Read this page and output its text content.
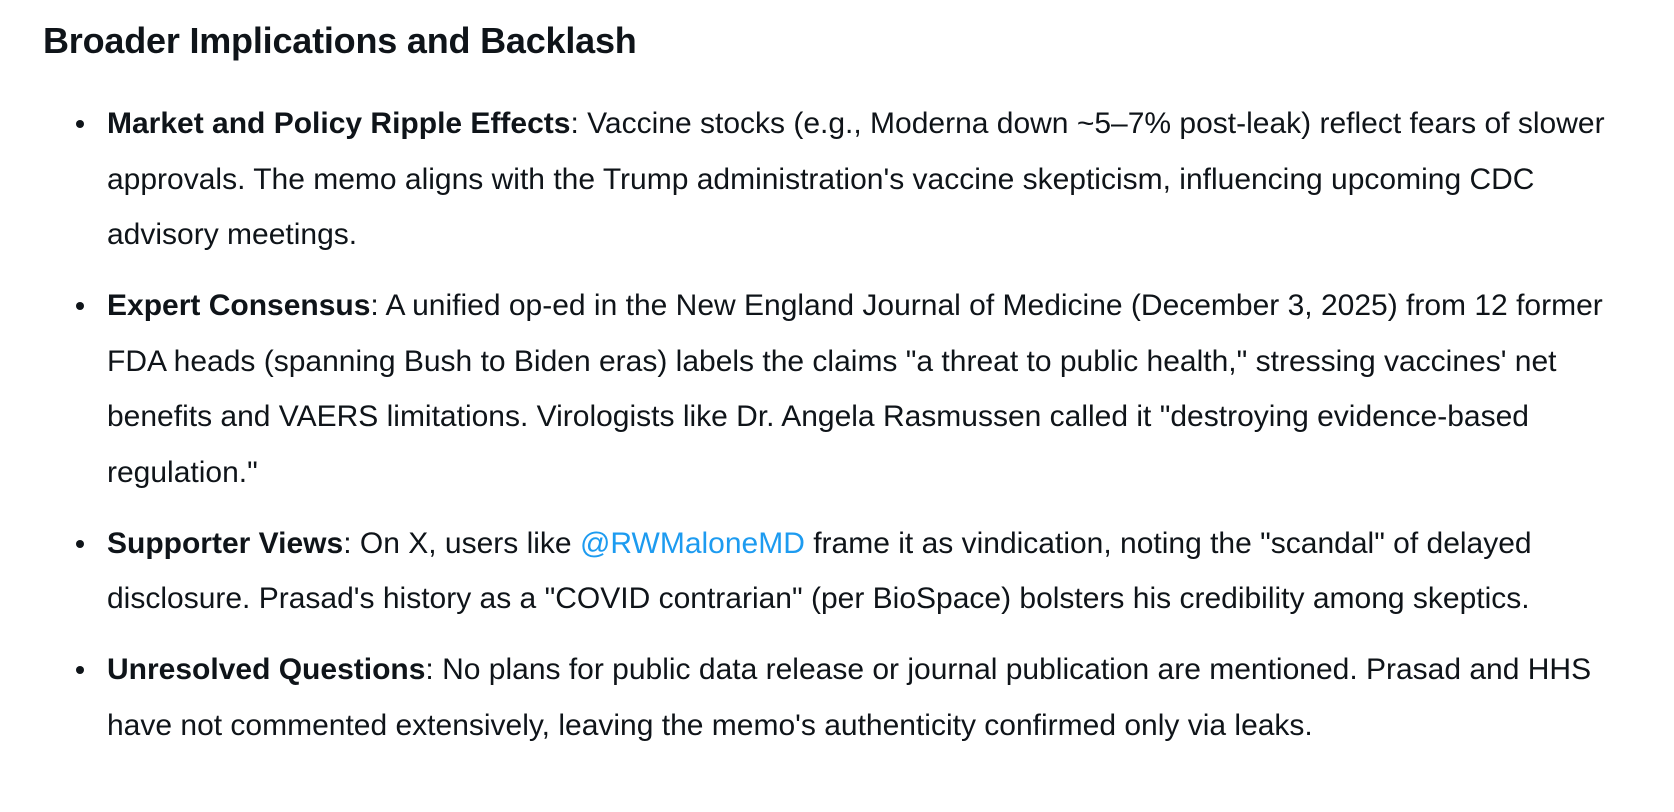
Broader Implications and Backlash
Market and Policy Ripple Effects: Vaccine stocks (e.g., Moderna down ~5–7% post-leak) reflect fears of slower approvals. The memo aligns with the Trump administration's vaccine skepticism, influencing upcoming CDC advisory meetings.
Expert Consensus: A unified op-ed in the New England Journal of Medicine (December 3, 2025) from 12 former FDA heads (spanning Bush to Biden eras) labels the claims "a threat to public health," stressing vaccines' net benefits and VAERS limitations. Virologists like Dr. Angela Rasmussen called it "destroying evidence-based regulation."
Supporter Views: On X, users like @RWMaloneMD frame it as vindication, noting the "scandal" of delayed disclosure. Prasad's history as a "COVID contrarian" (per BioSpace) bolsters his credibility among skeptics.
Unresolved Questions: No plans for public data release or journal publication are mentioned. Prasad and HHS have not commented extensively, leaving the memo's authenticity confirmed only via leaks.
